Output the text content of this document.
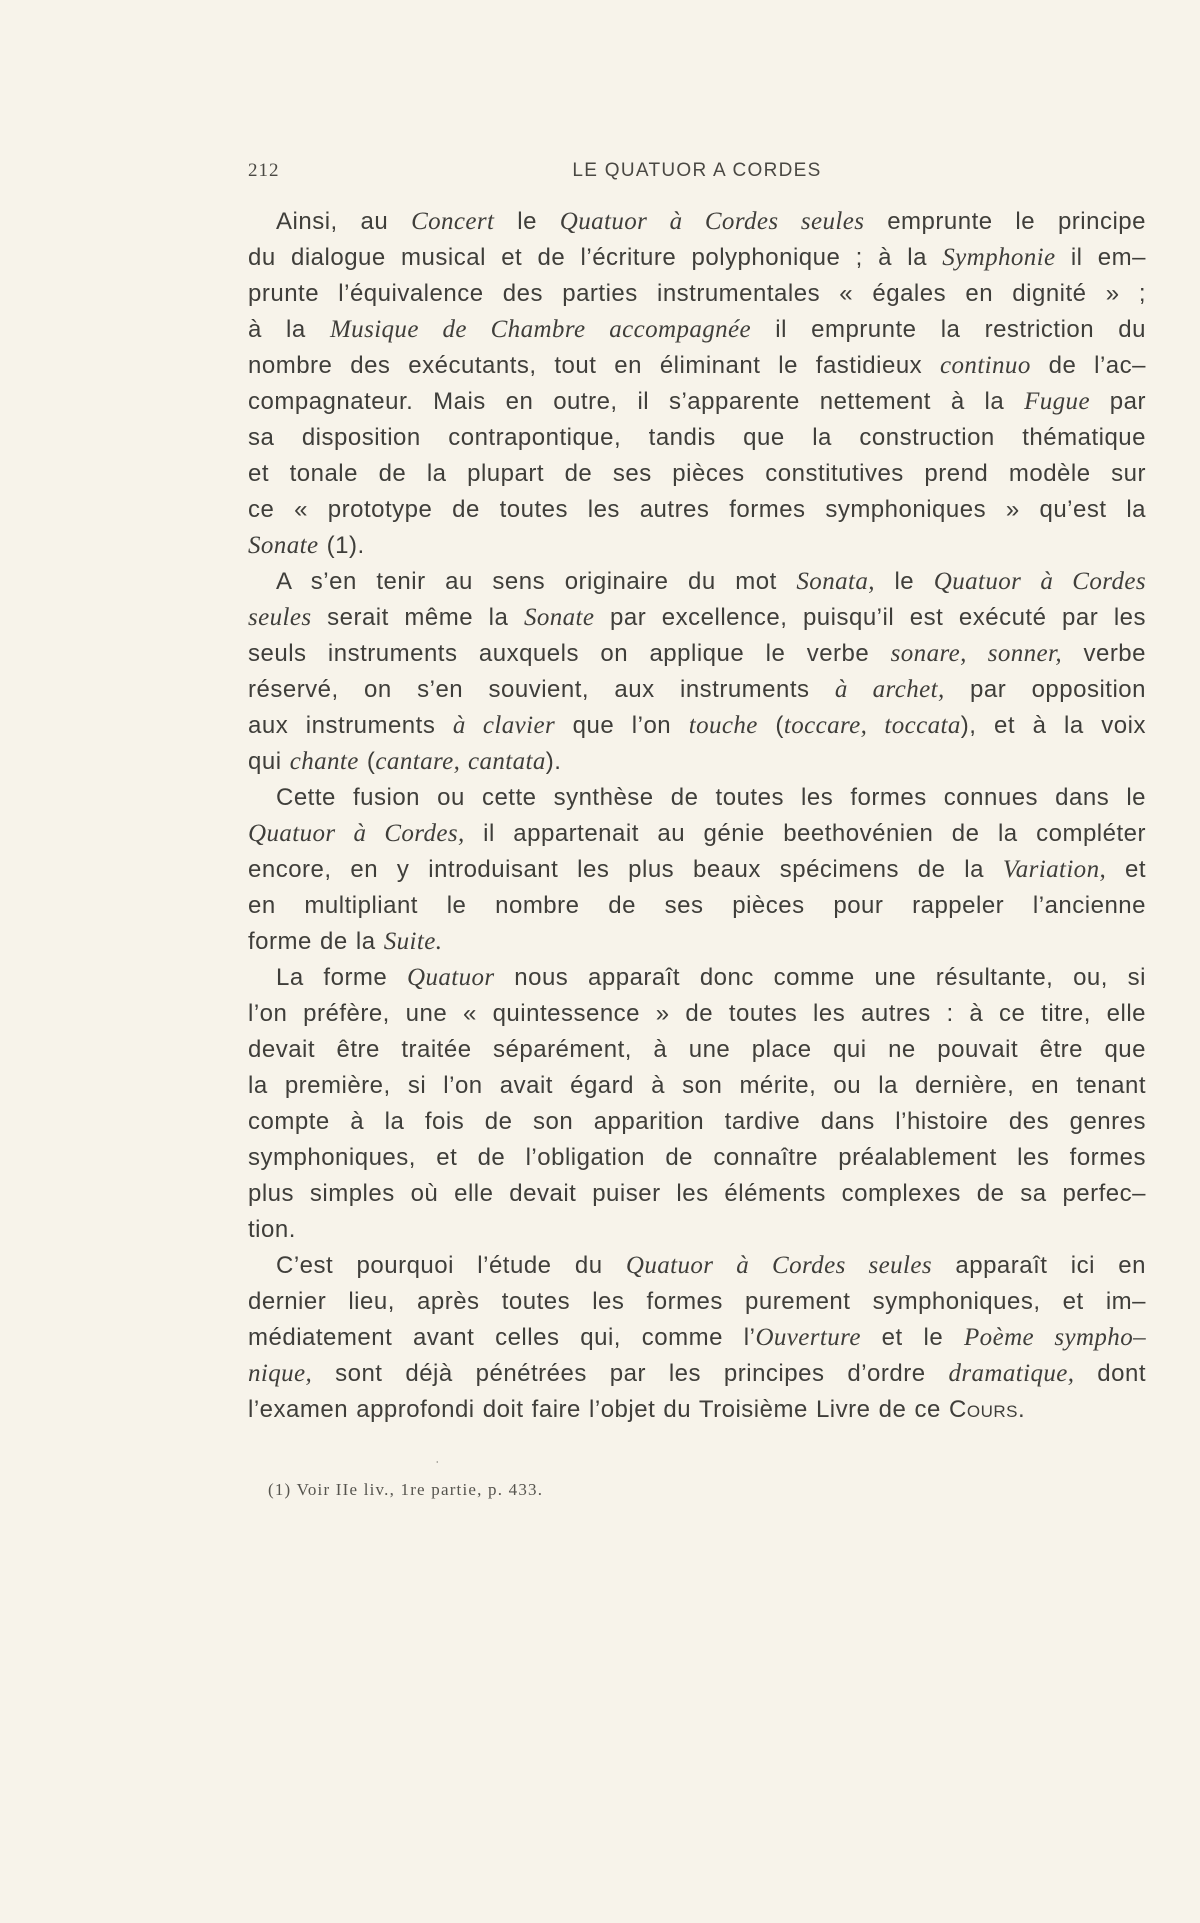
212	LE QUATUOR A CORDES
Ainsi, au Concert le Quatuor à Cordes seules emprunte le principe
du dialogue musical et de l’écriture polyphonique ; à la Symphonie il em–
prunte l’équivalence des parties instrumentales « égales en dignité » ;
à la Musique de Chambre accompagnée il emprunte la restriction du
nombre des exécutants, tout en éliminant le fastidieux continuo de l’ac–
compagnateur. Mais en outre, il s’apparente nettement à la Fugue par
sa disposition contrapontique, tandis que la construction thématique
et tonale de la plupart de ses pièces constitutives prend modèle sur
ce « prototype de toutes les autres formes symphoniques » qu’est la
Sonate (1).
A s’en tenir au sens originaire du mot Sonata, le Quatuor à Cordes
seules serait même la Sonate par excellence, puisqu’il est exécuté par les
seuls instruments auxquels on applique le verbe sonare, sonner, verbe
réservé, on s’en souvient, aux instruments à archet, par opposition
aux instruments à clavier que l’on touche (toccare, toccata), et à la voix
qui chante (cantare, cantata).
Cette fusion ou cette synthèse de toutes les formes connues dans le
Quatuor à Cordes, il appartenait au génie beethovénien de la compléter
encore, en y introduisant les plus beaux spécimens de la Variation, et
en multipliant le nombre de ses pièces pour rappeler l’ancienne
forme de la Suite.
La forme Quatuor nous apparaît donc comme une résultante, ou, si
l’on préfère, une « quintessence » de toutes les autres : à ce titre, elle
devait être traitée séparément, à une place qui ne pouvait être que
la première, si l’on avait égard à son mérite, ou la dernière, en tenant
compte à la fois de son apparition tardive dans l’histoire des genres
symphoniques, et de l’obligation de connaître préalablement les formes
plus simples où elle devait puiser les éléments complexes de sa perfec–
tion.
C’est pourquoi l’étude du Quatuor à Cordes seules apparaît ici en
dernier lieu, après toutes les formes purement symphoniques, et im–
médiatement avant celles qui, comme l’Ouverture et le Poème sympho–
nique, sont déjà pénétrées par les principes d’ordre dramatique, dont
l’examen approfondi doit faire l’objet du Troisième Livre de ce Cours.
ˈ
(1) Voir IIe liv., 1re partie, p. 433.
